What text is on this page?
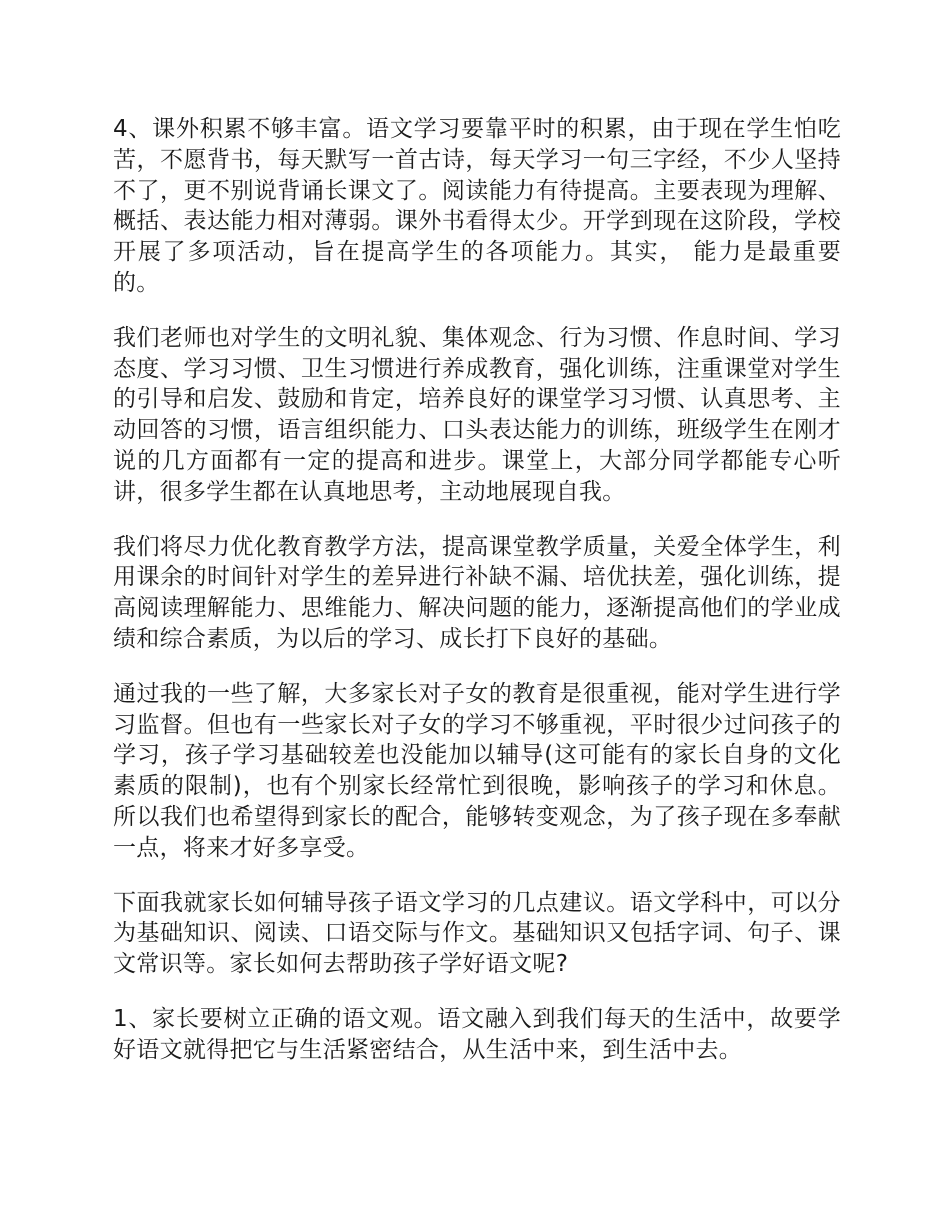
4、课外积累不够丰富。语文学习要靠平时的积累，由于现在学生怕吃苦，不愿背书，每天默写一首古诗，每天学习一句三字经，不少人坚持不了，更不别说背诵长课文了。阅读能力有待提高。主要表现为理解、概括、表达能力相对薄弱。课外书看得太少。开学到现在这阶段，学校开展了多项活动，旨在提高学生的各项能力。其实， 能力是最重要的。

我们老师也对学生的文明礼貌、集体观念、行为习惯、作息时间、学习态度、学习习惯、卫生习惯进行养成教育，强化训练，注重课堂对学生的引导和启发、鼓励和肯定，培养良好的课堂学习习惯、认真思考、主动回答的习惯，语言组织能力、口头表达能力的训练，班级学生在刚才说的几方面都有一定的提高和进步。课堂上，大部分同学都能专心听讲，很多学生都在认真地思考，主动地展现自我。

我们将尽力优化教育教学方法，提高课堂教学质量，关爱全体学生，利用课余的时间针对学生的差异进行补缺不漏、培优扶差，强化训练，提高阅读理解能力、思维能力、解决问题的能力，逐渐提高他们的学业成绩和综合素质，为以后的学习、成长打下良好的基础。

通过我的一些了解，大多家长对子女的教育是很重视，能对学生进行学习监督。但也有一些家长对子女的学习不够重视，平时很少过问孩子的学习，孩子学习基础较差也没能加以辅导(这可能有的家长自身的文化素质的限制)，也有个别家长经常忙到很晚，影响孩子的学习和休息。所以我们也希望得到家长的配合，能够转变观念，为了孩子现在多奉献一点，将来才好多享受。

下面我就家长如何辅导孩子语文学习的几点建议。语文学科中，可以分为基础知识、阅读、口语交际与作文。基础知识又包括字词、句子、课文常识等。家长如何去帮助孩子学好语文呢?

1、家长要树立正确的语文观。语文融入到我们每天的生活中，故要学好语文就得把它与生活紧密结合，从生活中来，到生活中去。
